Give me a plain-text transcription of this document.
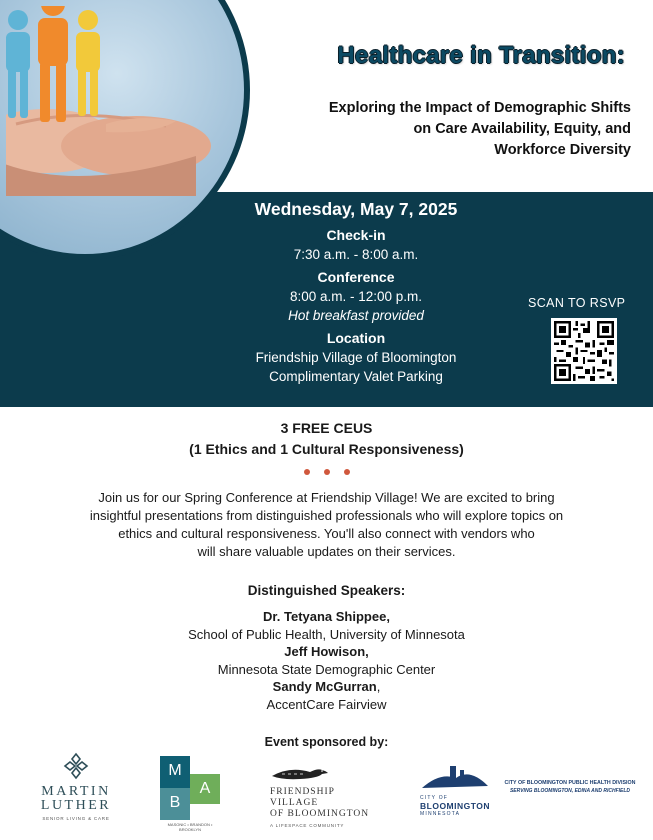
Healthcare in Transition:
Exploring the Impact of Demographic Shifts
on Care Availability, Equity, and
Workforce Diversity
Wednesday, May 7, 2025
Check-in
7:30 a.m. - 8:00 a.m.
Conference
8:00 a.m. - 12:00 p.m.
Hot breakfast provided
Location
Friendship Village of Bloomington
Complimentary Valet Parking
SCAN TO RSVP
3 FREE CEUS
(1 Ethics and 1 Cultural Responsiveness)
Join us for our Spring Conference at Friendship Village! We are excited to bring
insightful presentations from distinguished professionals who will explore topics on
ethics and cultural responsiveness. You'll also connect with vendors who
will share valuable updates on their services.
Distinguished Speakers:
Dr. Tetyana Shippee,
School of Public Health, University of Minnesota
Jeff Howison,
Minnesota State Demographic Center
Sandy McGurran,
AccentCare Fairview
Event sponsored by:
MARTIN
LUTHER
SENIOR LIVING & CARE
M
A
B
MASONIC • BRANDON • BROOKLYN
FRIENDSHIP VILLAGE
OF BLOOMINGTON
A LIFESPACE COMMUNITY
CITY OF
BLOOMINGTON
MINNESOTA
CITY OF BLOOMINGTON PUBLIC HEALTH DIVISION
SERVING BLOOMINGTON, EDINA AND RICHFIELD
